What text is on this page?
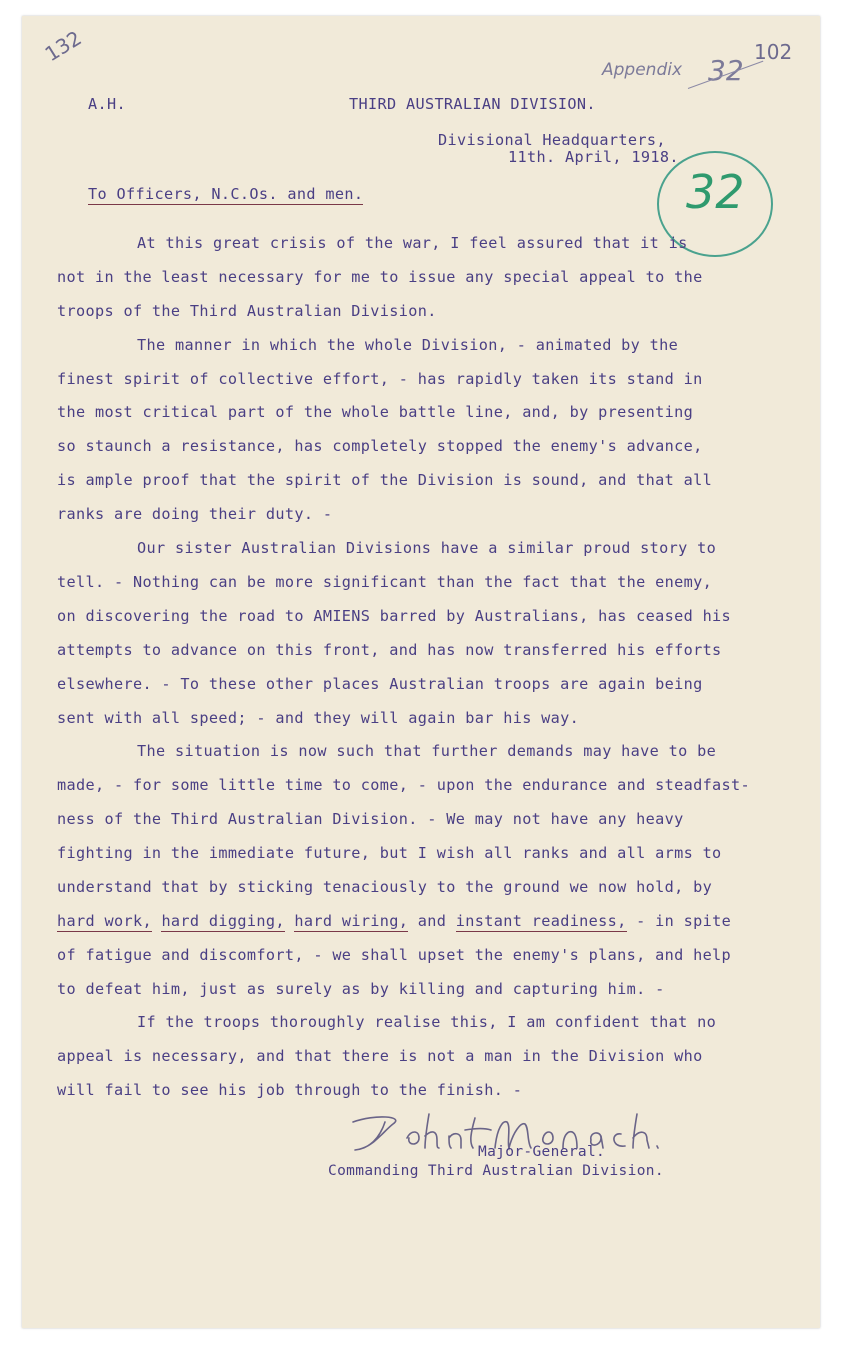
132	102
Appendix 32
32
A.H.	THIRD AUSTRALIAN DIVISION.
Divisional Headquarters,
11th. April, 1918.
To Officers, N.C.Os. and men.
At this great crisis of the war, I feel assured that it is
not in the least necessary for me to issue any special appeal to the
troops of the Third Australian Division.
The manner in which the whole Division, - animated by the
finest spirit of collective effort, - has rapidly taken its stand in
the most critical part of the whole battle line, and, by presenting
so staunch a resistance, has completely stopped the enemy's advance,
is ample proof that the spirit of the Division is sound, and that all
ranks are doing their duty. -
Our sister Australian Divisions have a similar proud story to
tell. - Nothing can be more significant than the fact that the enemy,
on discovering the road to AMIENS barred by Australians, has ceased his
attempts to advance on this front, and has now transferred his efforts
elsewhere. - To these other places Australian troops are again being
sent with all speed; - and they will again bar his way.
The situation is now such that further demands may have to be
made, - for some little time to come, - upon the endurance and steadfast-
ness of the Third Australian Division. - We may not have any heavy
fighting in the immediate future, but I wish all ranks and all arms to
understand that by sticking tenaciously to the ground we now hold, by
hard work, hard digging, hard wiring, and instant readiness, - in spite
of fatigue and discomfort, - we shall upset the enemy's plans, and help
to defeat him, just as surely as by killing and capturing him. -
If the troops thoroughly realise this, I am confident that no
appeal is necessary, and that there is not a man in the Division who
will fail to see his job through to the finish. -
Major-General.
Commanding Third Australian Division.
